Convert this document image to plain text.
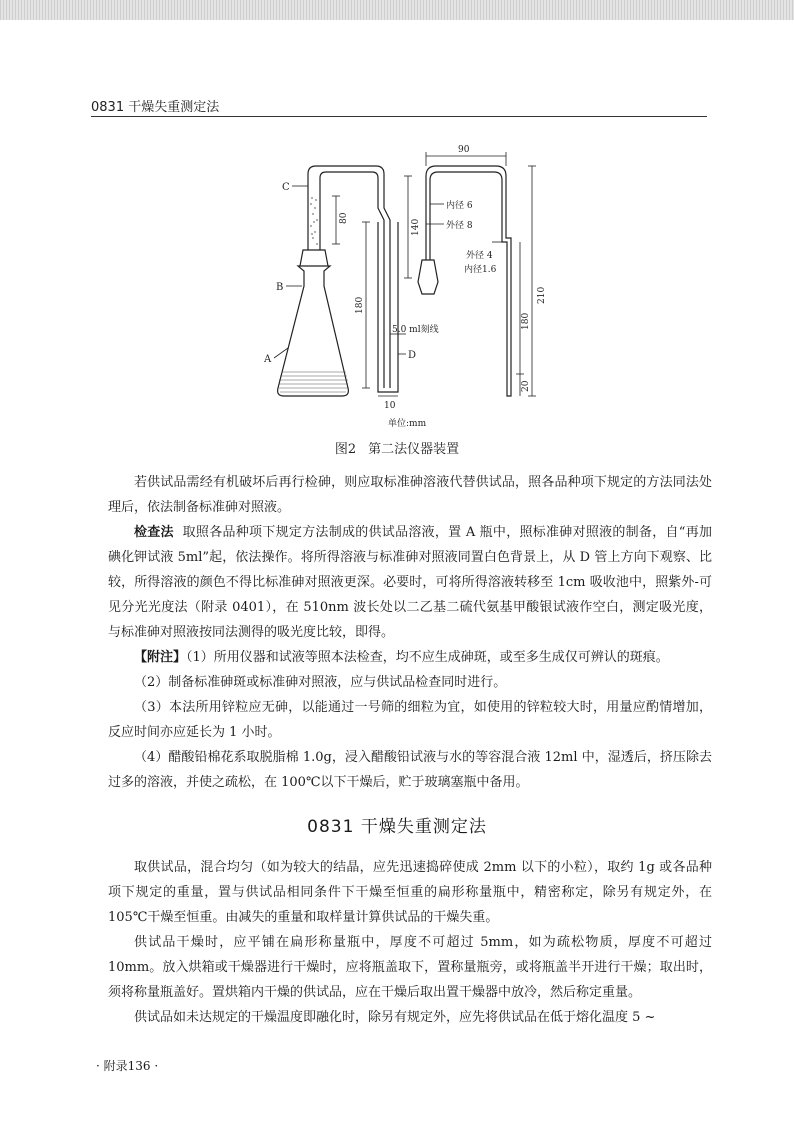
0831 干燥失重测定法
C
B
A	D
5.0 ml刻线
10
90
内径 6
外径 8
外径 4
内径1.6
单位:mm
80
180
140
210
180
20
图2 第二法仪器装置

若供试品需经有机破坏后再行检砷，则应取标准砷溶液代替供试品，照各品种项下规定的方法同法处理后，依法制备标准砷对照液。

检查法 取照各品种项下规定方法制成的供试品溶液，置 A 瓶中，照标准砷对照液的制备，自“再加碘化钾试液 5ml”起，依法操作。将所得溶液与标准砷对照液同置白色背景上，从 D 管上方向下观察、比较，所得溶液的颜色不得比标准砷对照液更深。必要时，可将所得溶液转移至 1cm 吸收池中，照紫外-可见分光光度法（附录 0401），在 510nm 波长处以二乙基二硫代氨基甲酸银试液作空白，测定吸光度，与标准砷对照液按同法测得的吸光度比较，即得。

【附注】（1）所用仪器和试液等照本法检查，均不应生成砷斑，或至多生成仅可辨认的斑痕。

（2）制备标准砷斑或标准砷对照液，应与供试品检查同时进行。

（3）本法所用锌粒应无砷，以能通过一号筛的细粒为宜，如使用的锌粒较大时，用量应酌情增加，反应时间亦应延长为 1 小时。

（4）醋酸铅棉花系取脱脂棉 1.0g，浸入醋酸铅试液与水的等容混合液 12ml 中，湿透后，挤压除去过多的溶液，并使之疏松，在 100℃以下干燥后，贮于玻璃塞瓶中备用。

0831 干燥失重测定法

取供试品，混合均匀（如为较大的结晶，应先迅速捣碎使成 2mm 以下的小粒），取约 1g 或各品种项下规定的重量，置与供试品相同条件下干燥至恒重的扁形称量瓶中，精密称定，除另有规定外，在 105℃干燥至恒重。由减失的重量和取样量计算供试品的干燥失重。

供试品干燥时，应平铺在扁形称量瓶中，厚度不可超过 5mm，如为疏松物质，厚度不可超过 10mm。放入烘箱或干燥器进行干燥时，应将瓶盖取下，置称量瓶旁，或将瓶盖半开进行干燥；取出时，须将称量瓶盖好。置烘箱内干燥的供试品，应在干燥后取出置干燥器中放冷，然后称定重量。

供试品如未达规定的干燥温度即融化时，除另有规定外，应先将供试品在低于熔化温度 5 ~

· 附录136 ·
